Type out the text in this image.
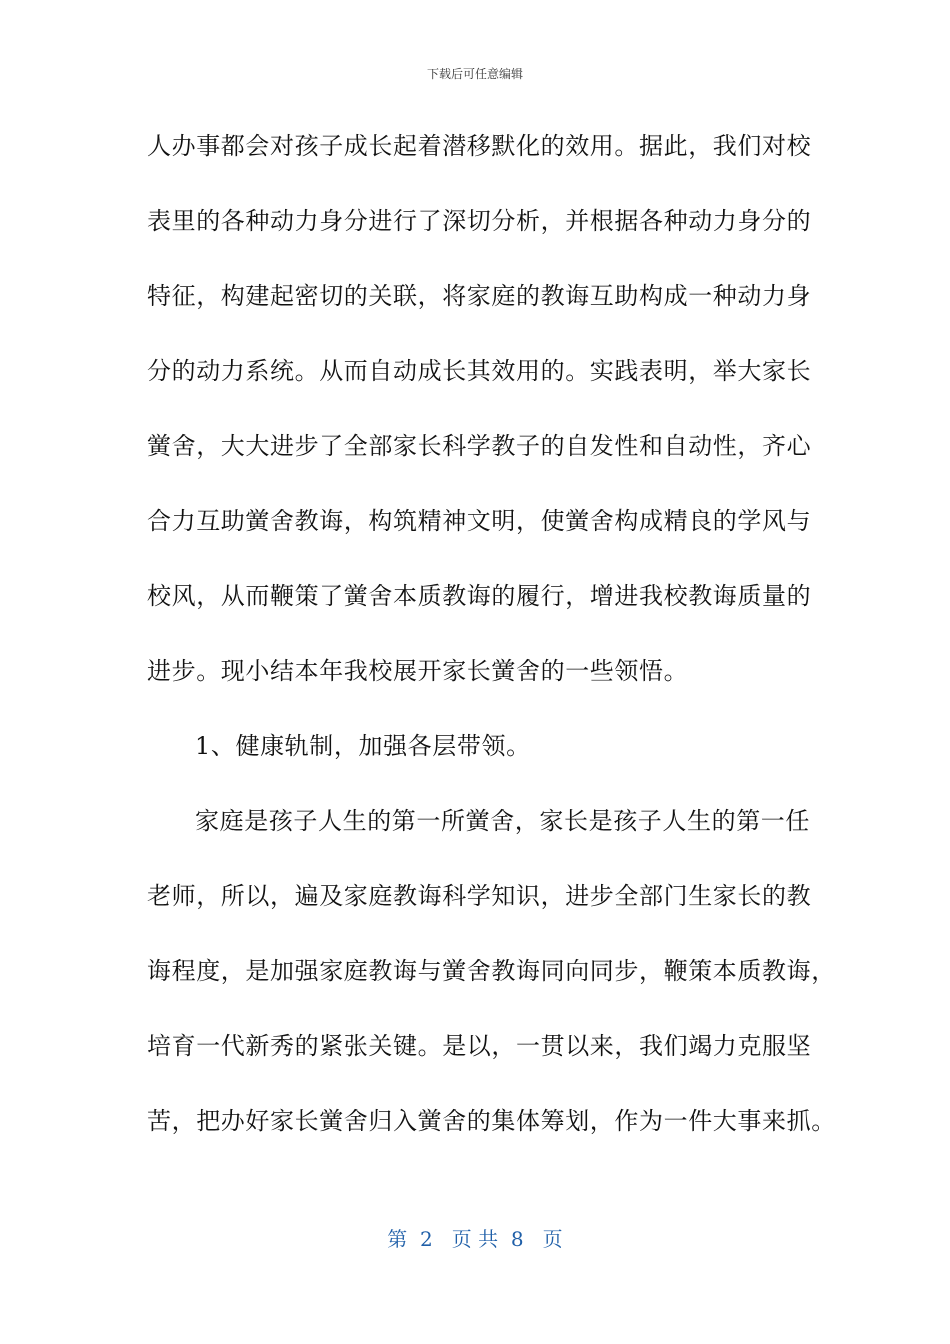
下载后可任意编辑
人办事都会对孩子成长起着潜移默化的效用。据此，我们对校
表里的各种动力身分进行了深切分析，并根据各种动力身分的
特征，构建起密切的关联，将家庭的教诲互助构成一种动力身
分的动力系统。从而自动成长其效用的。实践表明，举大家长
黉舍，大大进步了全部家长科学教子的自发性和自动性，齐心
合力互助黉舍教诲，构筑精神文明，使黉舍构成精良的学风与
校风，从而鞭策了黉舍本质教诲的履行，增进我校教诲质量的
进步。现小结本年我校展开家长黉舍的一些领悟。
1、健康轨制，加强各层带领。
家庭是孩子人生的第一所黉舍，家长是孩子人生的第一任
老师，所以，遍及家庭教诲科学知识，进步全部门生家长的教
诲程度，是加强家庭教诲与黉舍教诲同向同步，鞭策本质教诲，
培育一代新秀的紧张关键。是以，一贯以来，我们竭力克服坚
苦，把办好家长黉舍归入黉舍的集体筹划，作为一件大事来抓。
第  2   页 共  8   页
